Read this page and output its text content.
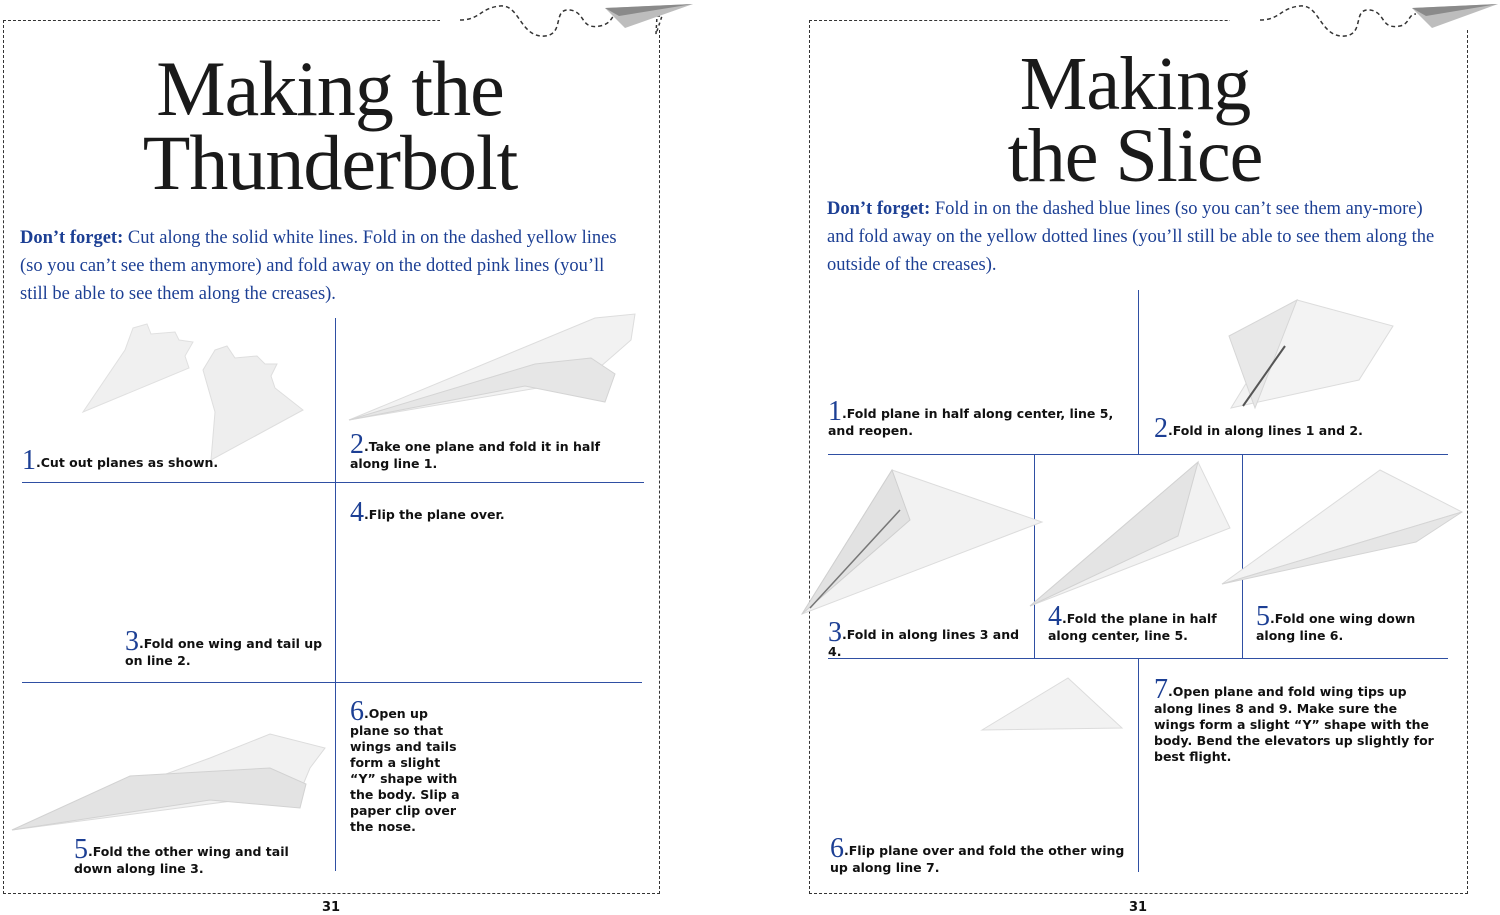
Making the
Thunderbolt

Don’t forget: Cut along the solid white lines. Fold in on the dashed yellow lines (so you can’t see them anymore) and fold away on the dotted pink lines (you’ll still be able to see them along the creases).

1.Cut out planes as shown.
2.Take one plane and fold it in half along line 1.
3.Fold one wing and tail up on line 2.
4.Flip the plane over.
5.Fold the other wing and tail down along line 3.
6.Open up plane so that wings and tails form a slight “Y” shape with the body. Slip a paper clip over the nose.
31
Making
the Slice

Don’t forget: Fold in on the dashed blue lines (so you can’t see them any-more) and fold away on the yellow dotted lines (you’ll still be able to see them along the outside of the creases).

1.Fold plane in half along center, line 5, and reopen.	2.Fold in along lines 1 and 2.
3.Fold in along lines 3 and 4.
4.Fold the plane in half along center, line 5.
5.Fold one wing down along line 6.
6.Flip plane over and fold the other wing up along line 7.
7.Open plane and fold wing tips up along lines 8 and 9. Make sure the wings form a slight “Y” shape with the body. Bend the elevators up slightly for best flight.
31
